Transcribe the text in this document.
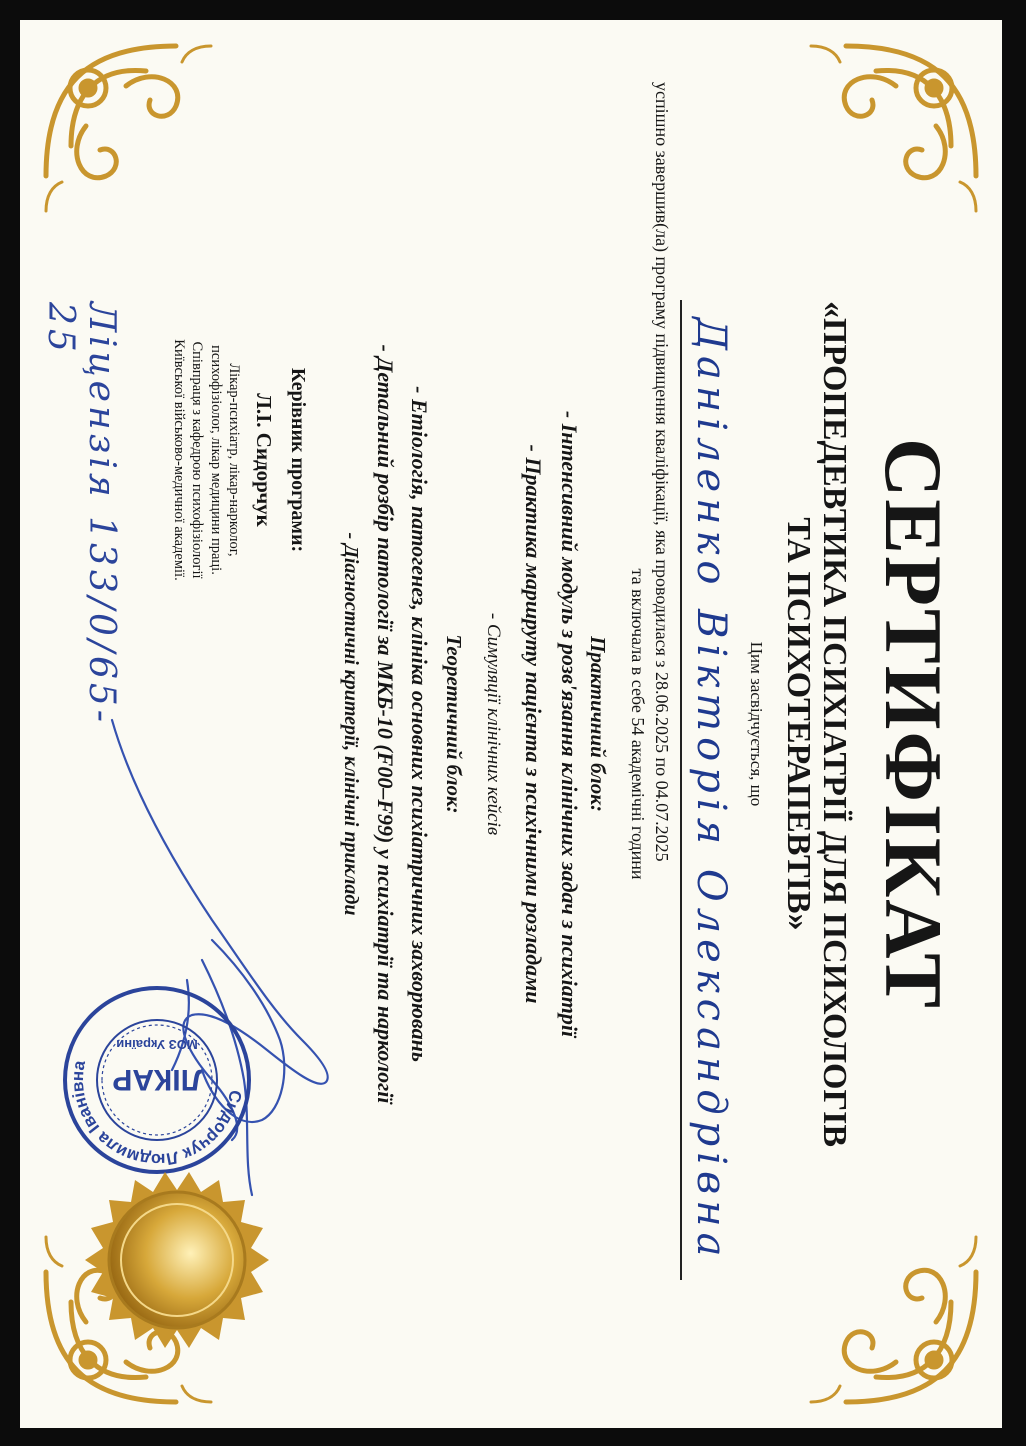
СЕРТИФІКАТ
«ПРОПЕДЕВТИКА ПСИХІАТРІЇ ДЛЯ ПСИХОЛОГІВ
ТА ПСИХОТЕРАПЕВТІВ»
Цим засвідчується, що
Даніленко Вікторія Олександрівна
успішно завершив(ла) програму підвищення кваліфікації, яка проводилася з 28.06.2025 по 04.07.2025
та включала в себе 54 академічні години
Практичний блок:
- Інтенсивний модуль з розв'язання клінічних задач з психіатрії
- Практика маршруту пацієнта з психічними розладами
- Симуляції клінічних кейсів
Теоретичний блок:
- Етіологія, патогенез, клініка основних психіатричних захворювань
- Детальний розбір патології за МКБ-10 (F00–F99) у психіатрії та наркології
- Діагностичні критерії, клінічні приклади
Керівник програми:
Л.І. Сидорчук
Лікар-психіатр, лікар-нарколог,
психофізіолог, лікар медицини праці.
Співпраця з кафедрою психофізіології
Київської військово-медичної академії.
Ліцензія 133/0/65-25
Сидорчук Людмила Іванівна ЛІКАР
МОЗ України
